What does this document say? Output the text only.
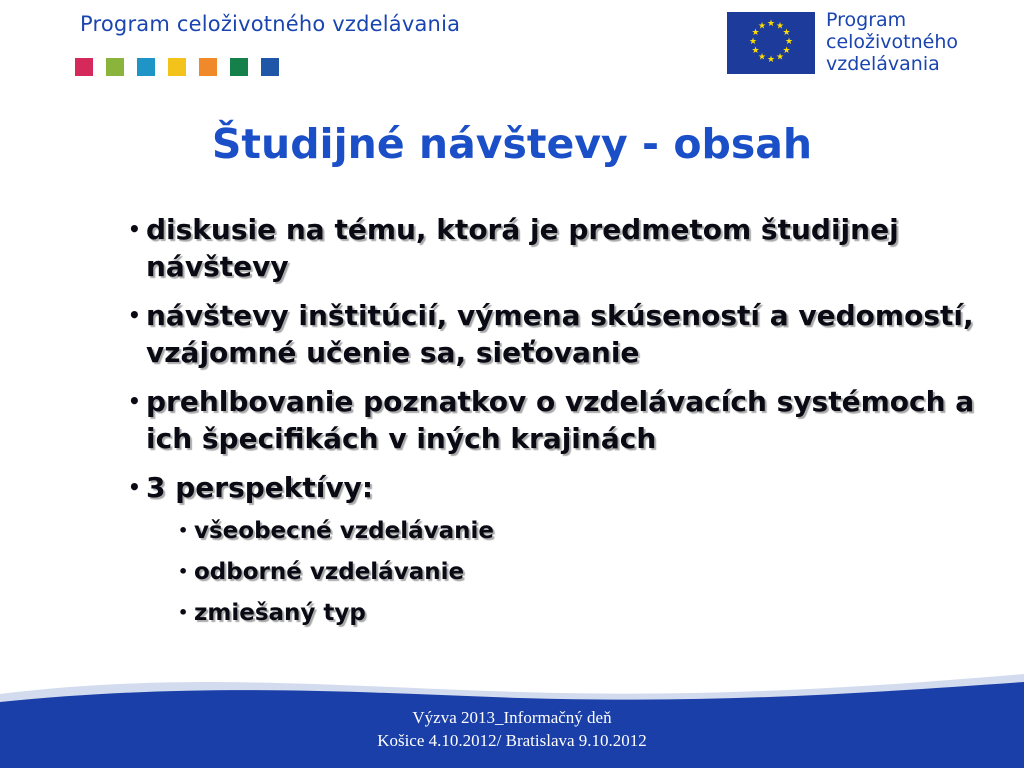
Program celoživotného vzdelávania	★ ★
★
★
★
★
★
★
★
★
★
★	Program
celoživotného
vzdelávania
Študijné návštevy - obsah
• diskusie na tému, ktorá je predmetom študijnej návštevy
• návštevy inštitúcií, výmena skúseností a vedomostí, vzájomné učenie sa, sieťovanie
• prehlbovanie poznatkov o vzdelávacích systémoch a ich špecifikách v iných krajinách
• 3 perspektívy:
• všeobecné vzdelávanie
• odborné vzdelávanie
• zmiešaný typ
Výzva 2013_Informačný deň
Košice 4.10.2012/ Bratislava 9.10.2012
